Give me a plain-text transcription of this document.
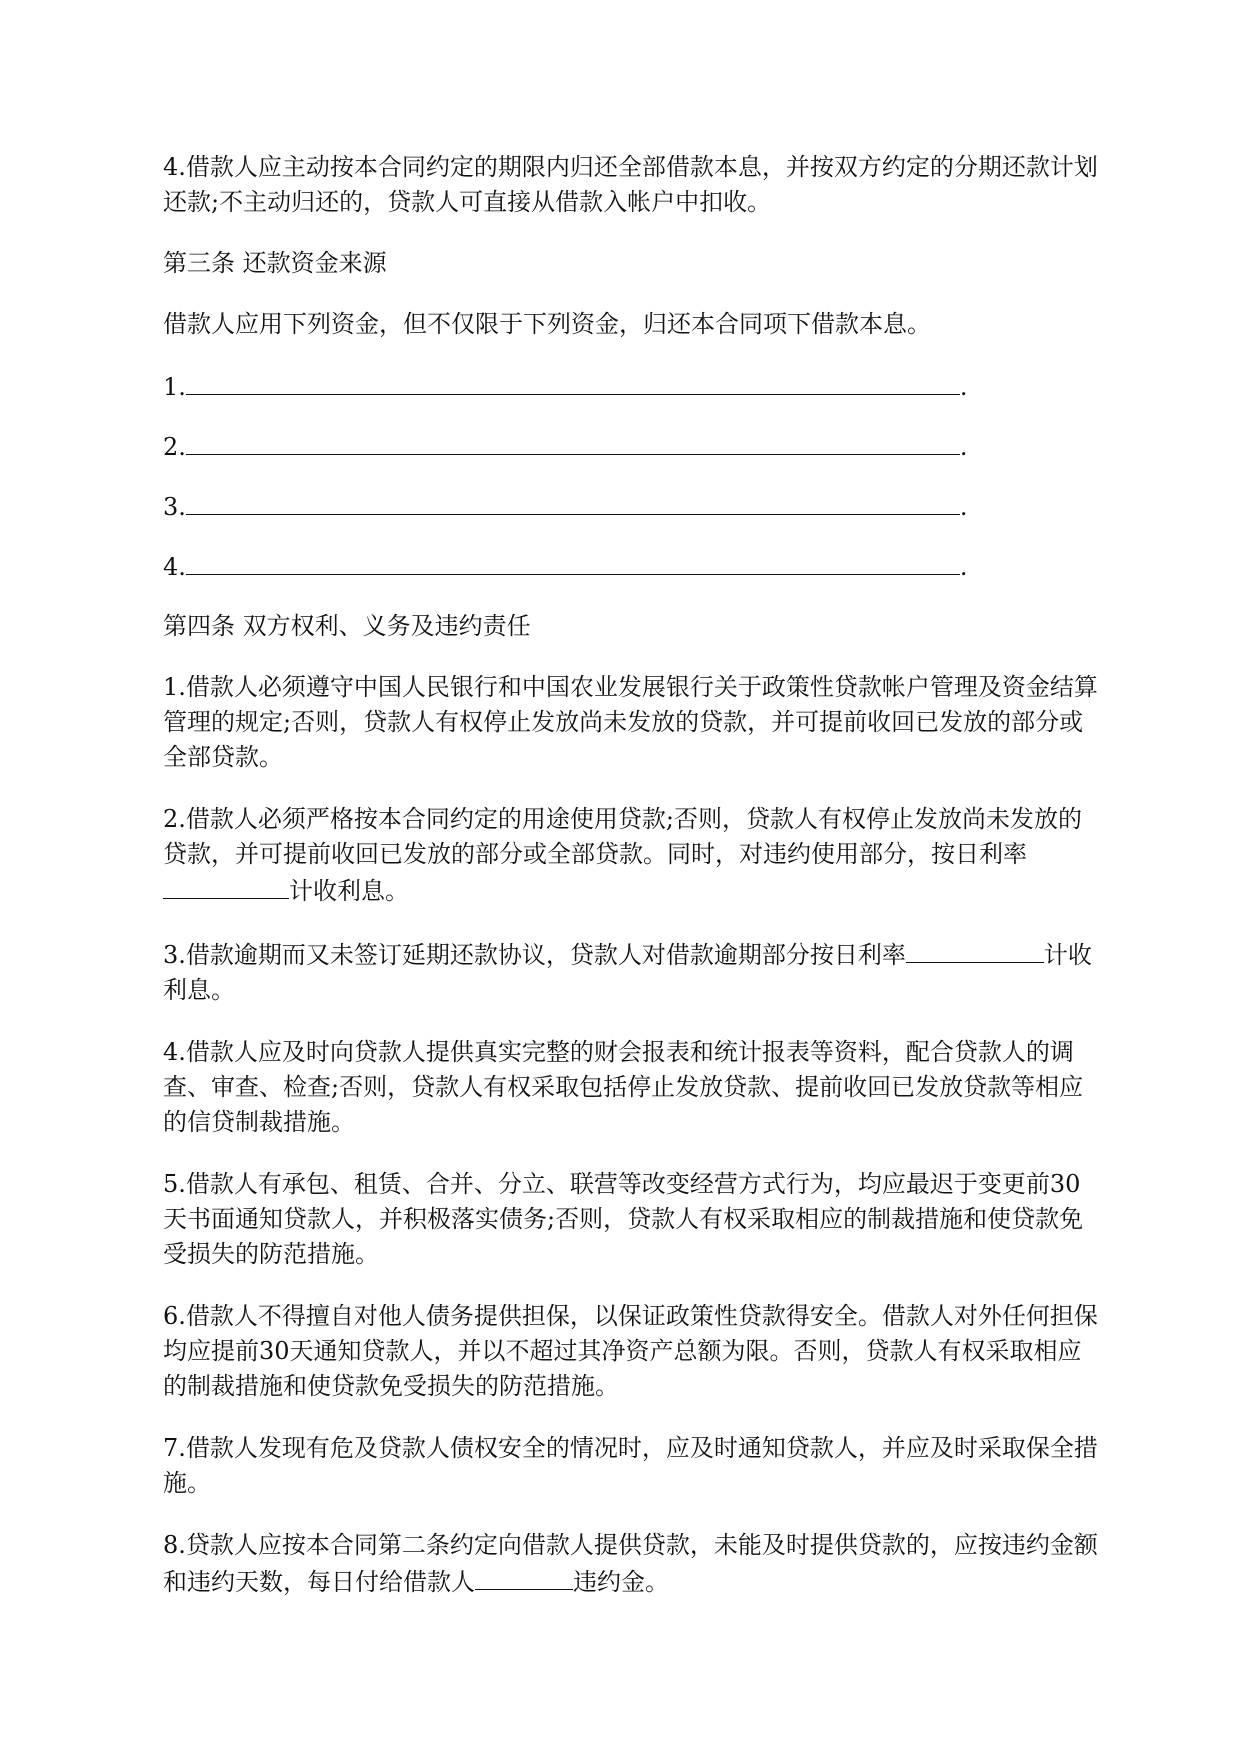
4.借款人应主动按本合同约定的期限内归还全部借款本息，并按双方约定的分期还款计划还款;不主动归还的，贷款人可直接从借款入帐户中扣收。

第三条 还款资金来源

借款人应用下列资金，但不仅限于下列资金，归还本合同项下借款本息。

1.	.
2.	.
3.	.
4.	.

第四条 双方权利、义务及违约责任

1.借款人必须遵守中国人民银行和中国农业发展银行关于政策性贷款帐户管理及资金结算管理的规定;否则，贷款人有权停止发放尚未发放的贷款，并可提前收回已发放的部分或全部贷款。

2.借款人必须严格按本合同约定的用途使用贷款;否则，贷款人有权停止发放尚未发放的贷款，并可提前收回已发放的部分或全部贷款。同时，对违约使用部分，按日利率计收利息。

3.借款逾期而又未签订延期还款协议，贷款人对借款逾期部分按日利率	计收利息。

4.借款人应及时向贷款人提供真实完整的财会报表和统计报表等资料，配合贷款人的调查、审查、检查;否则，贷款人有权采取包括停止发放贷款、提前收回已发放贷款等相应的信贷制裁措施。

5.借款人有承包、租赁、合并、分立、联营等改变经营方式行为，均应最迟于变更前30天书面通知贷款人，并积极落实债务;否则，贷款人有权采取相应的制裁措施和使贷款免受损失的防范措施。

6.借款人不得擅自对他人债务提供担保，以保证政策性贷款得安全。借款人对外任何担保均应提前30天通知贷款人，并以不超过其净资产总额为限。否则，贷款人有权采取相应的制裁措施和使贷款免受损失的防范措施。

7.借款人发现有危及贷款人债权安全的情况时，应及时通知贷款人，并应及时采取保全措施。

8.贷款人应按本合同第二条约定向借款人提供贷款，未能及时提供贷款的，应按违约金额和违约天数，每日付给借款人	违约金。
